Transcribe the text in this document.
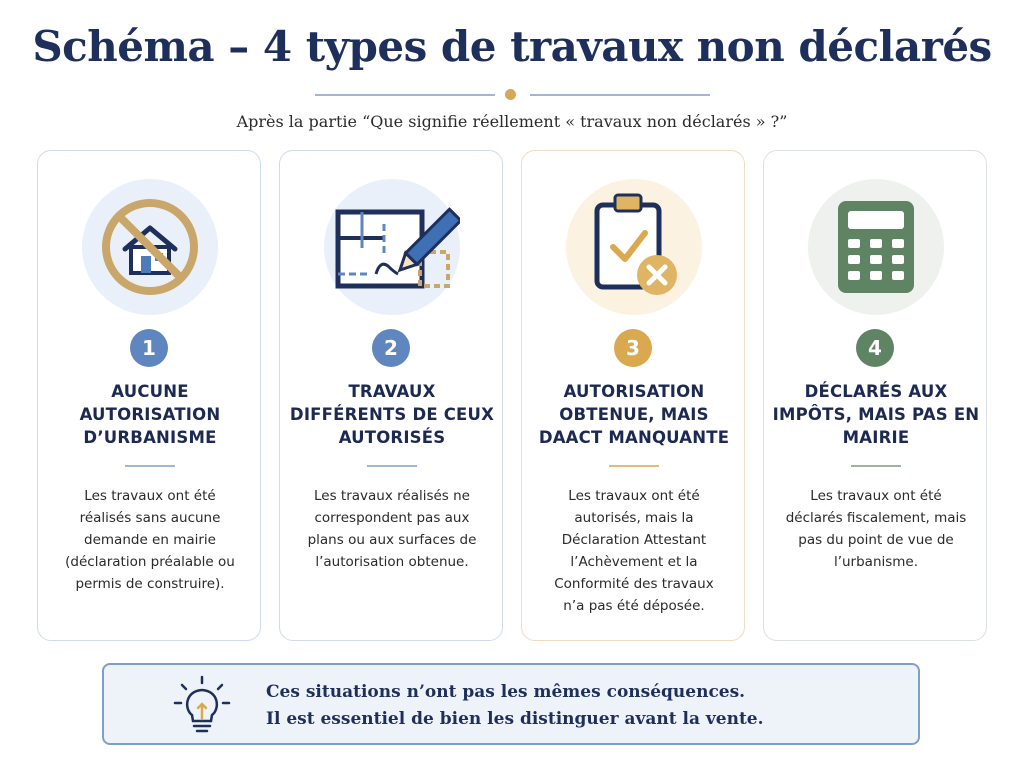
Schéma – 4 types de travaux non déclarés
Après la partie “Que signifie réellement « travaux non déclarés » ?”
1
AUCUNE AUTORISATION D’URBANISME
Les travaux ont été réalisés sans aucune demande en mairie (déclaration préalable ou permis de construire).
2
TRAVAUX DIFFÉRENTS DE CEUX AUTORISÉS
Les travaux réalisés ne correspondent pas aux plans ou aux surfaces de l’autorisation obtenue.
3
AUTORISATION OBTENUE, MAIS DAACT MANQUANTE
Les travaux ont été autorisés, mais la Déclaration Attestant l’Achèvement et la Conformité des travaux n’a pas été déposée.
4
DÉCLARÉS AUX IMPÔTS, MAIS PAS EN MAIRIE
Les travaux ont été déclarés fiscalement, mais pas du point de vue de l’urbanisme.
Ces situations n’ont pas les mêmes conséquences.
Il est essentiel de bien les distinguer avant la vente.
